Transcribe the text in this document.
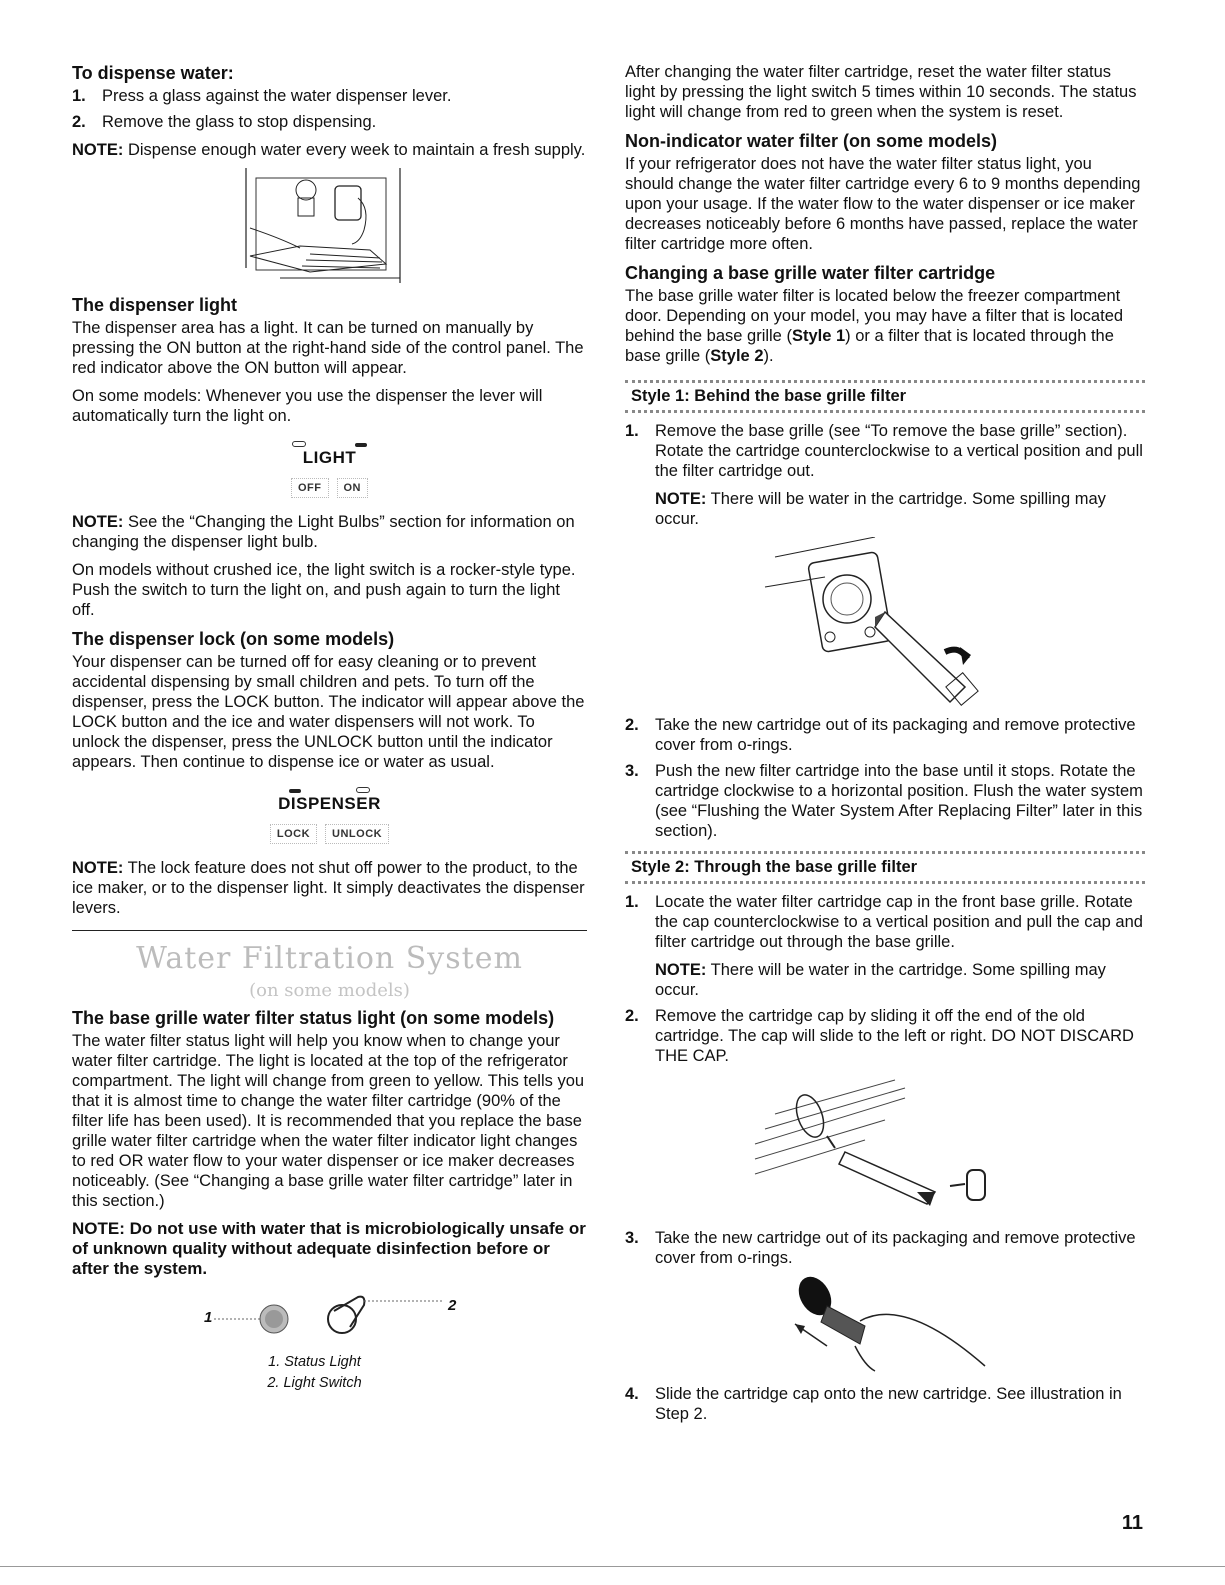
To dispense water:
1. Press a glass against the water dispenser lever.
2. Remove the glass to stop dispensing.

NOTE: Dispense enough water every week to maintain a fresh supply.

The dispenser light

The dispenser area has a light. It can be turned on manually by pressing the ON button at the right-hand side of the control panel. The red indicator above the ON button will appear.

On some models: Whenever you use the dispenser the lever will automatically turn the light on.

LIGHT
OFF ON

NOTE: See the “Changing the Light Bulbs” section for information on changing the dispenser light bulb.

On models without crushed ice, the light switch is a rocker-style type. Push the switch to turn the light on, and push again to turn the light off.

The dispenser lock (on some models)

Your dispenser can be turned off for easy cleaning or to prevent accidental dispensing by small children and pets. To turn off the dispenser, press the LOCK button. The indicator will appear above the LOCK button and the ice and water dispensers will not work. To unlock the dispenser, press the UNLOCK button until the indicator appears. Then continue to dispense ice or water as usual.

DISPENSER
LOCK UNLOCK

NOTE: The lock feature does not shut off power to the product, to the ice maker, or to the dispenser light. It simply deactivates the dispenser levers.

Water Filtration System
(on some models)
The base grille water filter status light (on some models)

The water filter status light will help you know when to change your water filter cartridge. The light is located at the top of the refrigerator compartment. The light will change from green to yellow. This tells you that it is almost time to change the water filter cartridge (90% of the filter life has been used). It is recommended that you replace the base grille water filter cartridge when the water filter indicator light changes to red OR water flow to your water dispenser or ice maker decreases noticeably. (See “Changing a base grille water filter cartridge” later in this section.)

NOTE: Do not use with water that is microbiologically unsafe or of unknown quality without adequate disinfection before or after the system.

1
2
1. Status Light
2. Light Switch

After changing the water filter cartridge, reset the water filter status light by pressing the light switch 5 times within 10 seconds. The status light will change from red to green when the system is reset.

Non-indicator water filter (on some models)

If your refrigerator does not have the water filter status light, you should change the water filter cartridge every 6 to 9 months depending upon your usage. If the water flow to the water dispenser or ice maker decreases noticeably before 6 months have passed, replace the water filter cartridge more often.

Changing a base grille water filter cartridge

The base grille water filter is located below the freezer compartment door. Depending on your model, you may have a filter that is located behind the base grille (Style 1) or a filter that is located through the base grille (Style 2).

Style 1: Behind the base grille filter
1. Remove the base grille (see “To remove the base grille” section). Rotate the cartridge counterclockwise to a vertical position and pull the filter cartridge out.
NOTE: There will be water in the cartridge. Some spilling may occur.
2. Take the new cartridge out of its packaging and remove protective cover from o-rings.
3. Push the new filter cartridge into the base until it stops. Rotate the cartridge clockwise to a horizontal position. Flush the water system (see “Flushing the Water System After Replacing Filter” later in this section).
Style 2: Through the base grille filter
1. Locate the water filter cartridge cap in the front base grille. Rotate the cap counterclockwise to a vertical position and pull the cap and filter cartridge out through the base grille.
NOTE: There will be water in the cartridge. Some spilling may occur.
2. Remove the cartridge cap by sliding it off the end of the old cartridge. The cap will slide to the left or right. DO NOT DISCARD THE CAP.
3. Take the new cartridge out of its packaging and remove protective cover from o-rings.
4. Slide the cartridge cap onto the new cartridge. See illustration in Step 2.
11
